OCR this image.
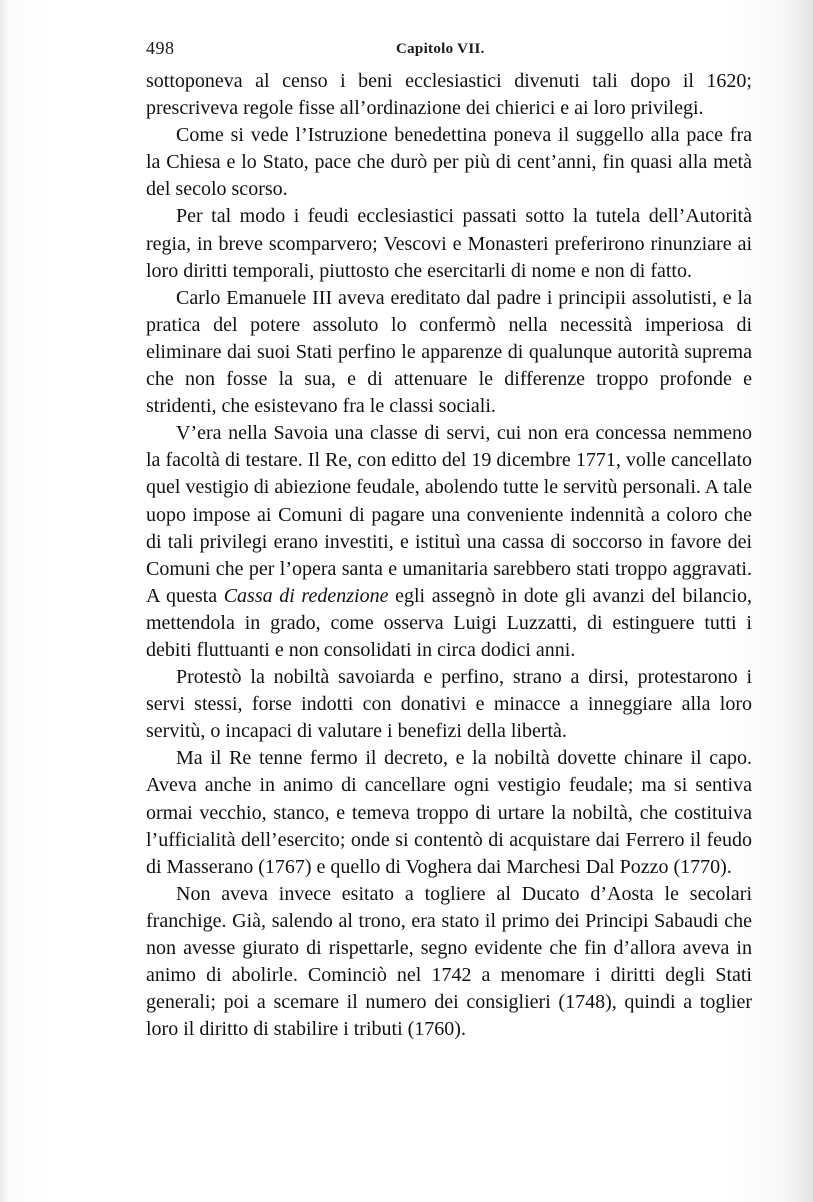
498	Capitolo VII.

sottoponeva al censo i beni ecclesiastici divenuti tali dopo il 1620; prescriveva regole fisse all’ordinazione dei chierici e ai loro privilegi.

Come si vede l’Istruzione benedettina poneva il suggello alla pace fra la Chiesa e lo Stato, pace che durò per più di cent’anni, fin quasi alla metà del secolo scorso.

Per tal modo i feudi ecclesiastici passati sotto la tutela dell’Autorità regia, in breve scomparvero; Vescovi e Monasteri preferirono rinunziare ai loro diritti temporali, piuttosto che esercitarli di nome e non di fatto.

Carlo Emanuele III aveva ereditato dal padre i principii assolutisti, e la pratica del potere assoluto lo confermò nella necessità imperiosa di eliminare dai suoi Stati perfino le apparenze di qualunque autorità suprema che non fosse la sua, e di attenuare le differenze troppo profonde e stridenti, che esistevano fra le classi sociali.

V’era nella Savoia una classe di servi, cui non era concessa nemmeno la facoltà di testare. Il Re, con editto del 19 dicembre 1771, volle cancellato quel vestigio di abiezione feudale, abolendo tutte le servitù personali. A tale uopo impose ai Comuni di pagare una conveniente indennità a coloro che di tali privilegi erano investiti, e istituì una cassa di soccorso in favore dei Comuni che per l’opera santa e umanitaria sarebbero stati troppo aggravati. A questa Cassa di redenzione egli assegnò in dote gli avanzi del bilancio, mettendola in grado, come osserva Luigi Luzzatti, di estinguere tutti i debiti fluttuanti e non consolidati in circa dodici anni.

Protestò la nobiltà savoiarda e perfino, strano a dirsi, protestarono i servi stessi, forse indotti con donativi e minacce a inneggiare alla loro servitù, o incapaci di valutare i benefizi della libertà.

Ma il Re tenne fermo il decreto, e la nobiltà dovette chinare il capo. Aveva anche in animo di cancellare ogni vestigio feudale; ma si sentiva ormai vecchio, stanco, e temeva troppo di urtare la nobiltà, che costituiva l’ufficialità dell’esercito; onde si contentò di acquistare dai Ferrero il feudo di Masserano (1767) e quello di Voghera dai Marchesi Dal Pozzo (1770).

Non aveva invece esitato a togliere al Ducato d’Aosta le secolari franchige. Già, salendo al trono, era stato il primo dei Principi Sabaudi che non avesse giurato di rispettarle, segno evidente che fin d’allora aveva in animo di abolirle. Cominciò nel 1742 a menomare i diritti degli Stati generali; poi a scemare il numero dei consiglieri (1748), quindi a toglier loro il diritto di stabilire i tributi (1760).
